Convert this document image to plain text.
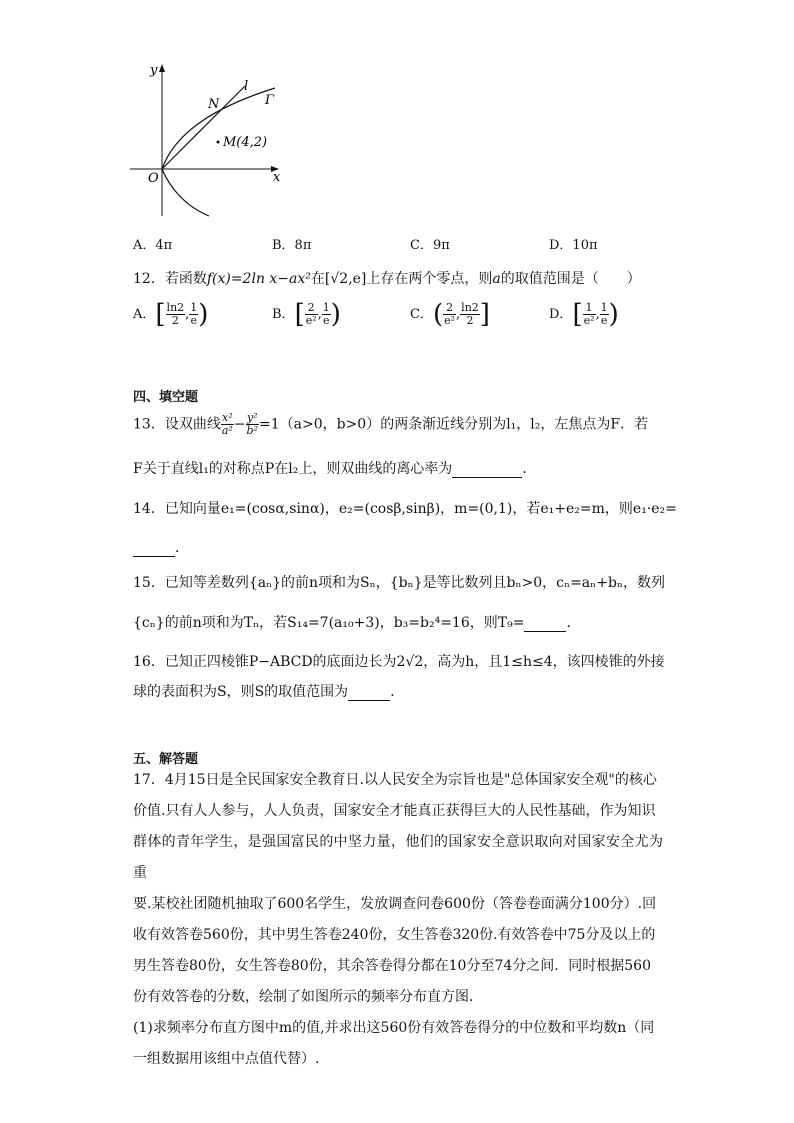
y
x
O
N
l
Γ
M(4,2)
A．4π	B．8π	C．9π	D．10π
12．若函数f(x)=2ln x−ax²在[√2,e]上存在两个零点，则a的取值范围是（　　）
A．[ $\frac{\ln 2}{2}$ , $\frac{1}{e}$ )	B．[ $\frac{2}{\text{e²}}$ , $\frac{1}{e}$ )	C．( $\frac{2}{\text{e²}}$ , $\frac{\ln 2}{2}$ ]	D．[ $\frac{1}{\text{e²}}$ , $\frac{1}{e}$ )
四、填空题
13．设双曲线 $\frac{\text{x²}}{\text{a²}} - \frac{\text{y²}}{\text{b²}} =1(a>0$，b>0）的两条渐近线分别为l₁，l₂，左焦点为F．若
F关于直线l₁的对称点P在l₂上，则双曲线的离心率为	．
14．已知向量e₁=(cosα,sinα)，e₂=(cosβ,sinβ)，m=(0,1)，若e₁+e₂=m，则e₁·e₂=
．
15．已知等差数列{aₙ}的前n项和为Sₙ，{bₙ}是等比数列且bₙ>0，cₙ=aₙ+bₙ，数列
{cₙ}的前n项和为Tₙ，若S₁₄=7(a₁₀+3)，b₃=b₂⁴=16，则T₉=	．
16．已知正四棱锥P−ABCD的底面边长为2√2，高为h，且1≤h≤4，该四棱锥的外接
球的表面积为S，则S的取值范围为	．
五、解答题

17．4月15日是全民国家安全教育日.以人民安全为宗旨也是"总体国家安全观"的核心

价值.只有人人参与，人人负责，国家安全才能真正获得巨大的人民性基础，作为知识

群体的青年学生，是强国富民的中坚力量，他们的国家安全意识取向对国家安全尤为重

要.某校社团随机抽取了600名学生，发放调查问卷600份（答卷卷面满分100分）.回

收有效答卷560份，其中男生答卷240份，女生答卷320份.有效答卷中75分及以上的

男生答卷80份，女生答卷80份，其余答卷得分都在10分至74分之间．同时根据560

份有效答卷的分数，绘制了如图所示的频率分布直方图．

(1)求频率分布直方图中m的值,并求出这560份有效答卷得分的中位数和平均数n（同

一组数据用该组中点值代替）.
